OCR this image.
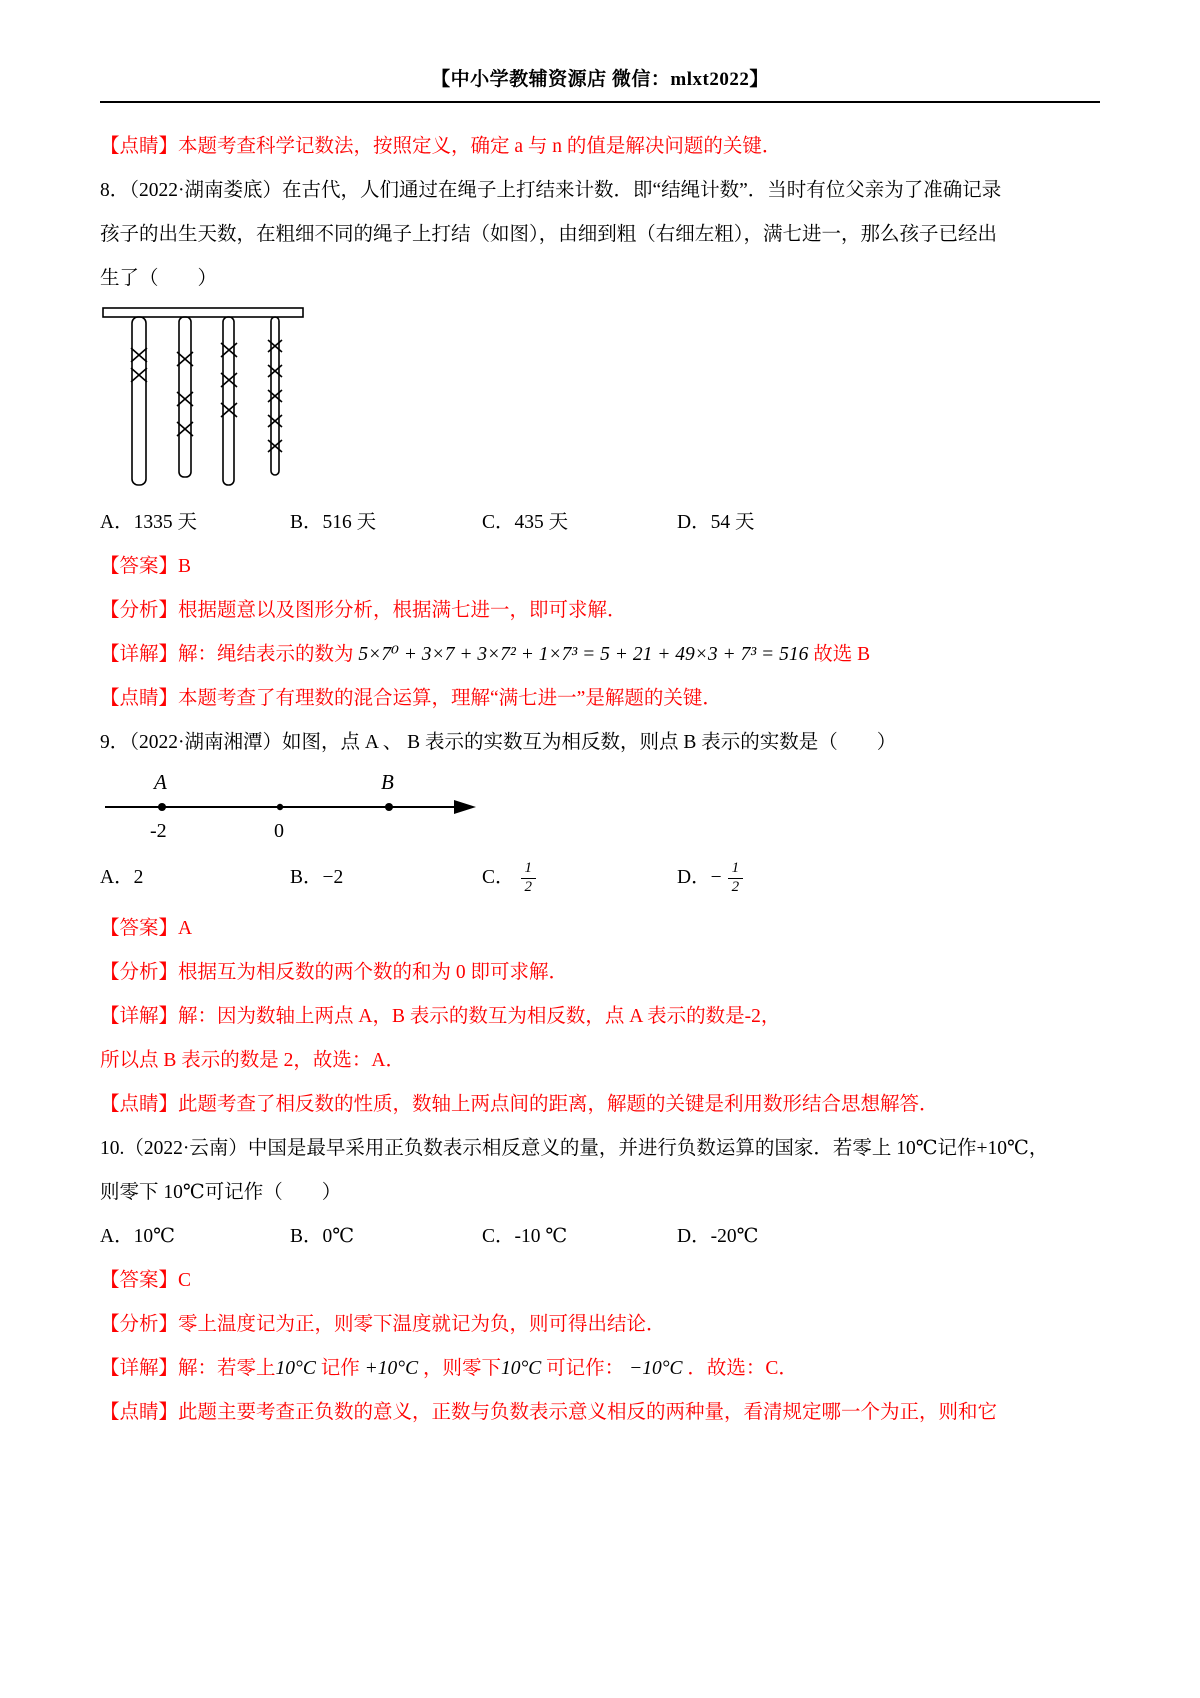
【中小学教辅资源店 微信：mlxt2022】
【点睛】本题考查科学记数法，按照定义，确定 a 与 n 的值是解决问题的关键．
8．（2022·湖南娄底）在古代，人们通过在绳子上打结来计数．即“结绳计数”．当时有位父亲为了准确记录
孩子的出生天数，在粗细不同的绳子上打结（如图），由细到粗（右细左粗），满七进一，那么孩子已经出
生了（　　）
A．1335 天	B．516 天	C．435 天	D．54 天
【答案】B
【分析】根据题意以及图形分析，根据满七进一，即可求解．
【详解】解：绳结表示的数为 5×7⁰ + 3×7 + 3×7² + 1×7³ = 5 + 21 + 49×3 + 7³ = 516 故选 B
【点睛】本题考查了有理数的混合运算，理解“满七进一”是解题的关键．
9．（2022·湖南湘潭）如图，点 A 、 B 表示的实数互为相反数，则点 B 表示的实数是（　　）
A	B
-2	0
A．2	B．−2	C． $\frac{1}{2}$	D． − $\frac{1}{2}$
【答案】A
【分析】根据互为相反数的两个数的和为 0 即可求解．
【详解】解：因为数轴上两点 A，B 表示的数互为相反数，点 A 表示的数是-2，
所以点 B 表示的数是 2，故选：A．
【点睛】此题考查了相反数的性质，数轴上两点间的距离，解题的关键是利用数形结合思想解答．
10.（2022·云南）中国是最早采用正负数表示相反意义的量，并进行负数运算的国家．若零上 10℃记作+10℃，
则零下 10℃可记作（　　）
A．10℃	B．0℃	C．-10 ℃	D．-20℃
【答案】C
【分析】零上温度记为正，则零下温度就记为负，则可得出结论．
【详解】解：若零上10°C 记作 +10°C ，则零下10°C 可记作： −10°C ．故选：C．
【点睛】此题主要考查正负数的意义，正数与负数表示意义相反的两种量，看清规定哪一个为正，则和它
